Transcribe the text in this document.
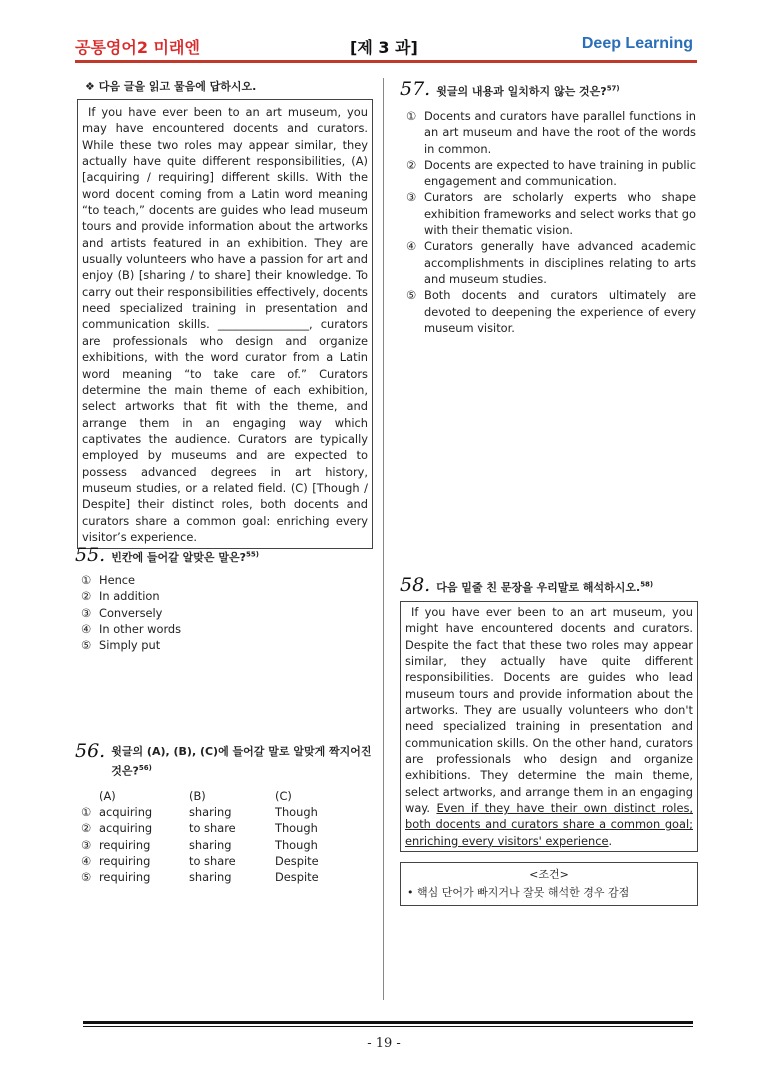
공통영어2 미래엔	[제 3 과]	Deep Learning
❖ 다음 글을 읽고 물음에 답하시오.
If you have ever been to an art museum, you may have encountered docents and curators. While these two roles may appear similar, they actually have quite different responsibilities, (A) [acquiring / requiring] different skills. With the word docent coming from a Latin word meaning “to teach,” docents are guides who lead museum tours and provide information about the artworks and artists featured in an exhibition. They are usually volunteers who have a passion for art and enjoy (B) [sharing / to share] their knowledge. To carry out their responsibilities effectively, docents need specialized training in presentation and communication skills. ________________, curators are professionals who design and organize exhibitions, with the word curator from a Latin word meaning “to take care of.” Curators determine the main theme of each exhibition, select artworks that fit with the theme, and arrange them in an engaging way which captivates the audience. Curators are typically employed by museums and are expected to possess advanced degrees in art history, museum studies, or a related field. (C) [Though / Despite] their distinct roles, both docents and curators share a common goal: enriching every visitor’s experience.
55. 빈칸에 들어갈 알맞은 말은?$^{55)}$
① Hence
② In addition
③ Conversely
④ In other words
⑤ Simply put
56. 윗글의 (A), (B), (C)에 들어갈 말로 알맞게 짝지어진 것은?$^{56)}$
(A)	(B)	(C)
① acquiring	sharing	Though
② acquiring	to share	Though
③ requiring	sharing	Though
④ requiring	to share	Despite
⑤ requiring	sharing	Despite
57. 윗글의 내용과 일치하지 않는 것은?$^{57)}$
① Docents and curators have parallel functions in an art museum and have the root of the words in common.
② Docents are expected to have training in public engagement and communication.
③ Curators are scholarly experts who shape exhibition frameworks and select works that go with their thematic vision.
④ Curators generally have advanced academic accomplishments in disciplines relating to arts and museum studies.
⑤ Both docents and curators ultimately are devoted to deepening the experience of every museum visitor.
58. 다음 밑줄 친 문장을 우리말로 해석하시오.$^{58)}$
If you have ever been to an art museum, you might have encountered docents and curators. Despite the fact that these two roles may appear similar, they actually have quite different responsibilities. Docents are guides who lead museum tours and provide information about the artworks. They are usually volunteers who don't need specialized training in presentation and communication skills. On the other hand, curators are professionals who design and organize exhibitions. They determine the main theme, select artworks, and arrange them in an engaging way. Even if they have their own distinct roles, both docents and curators share a common goal; enriching every visitors' experience.
<조건>
• 핵심 단어가 빠지거나 잘못 해석한 경우 감점
- 19 -
